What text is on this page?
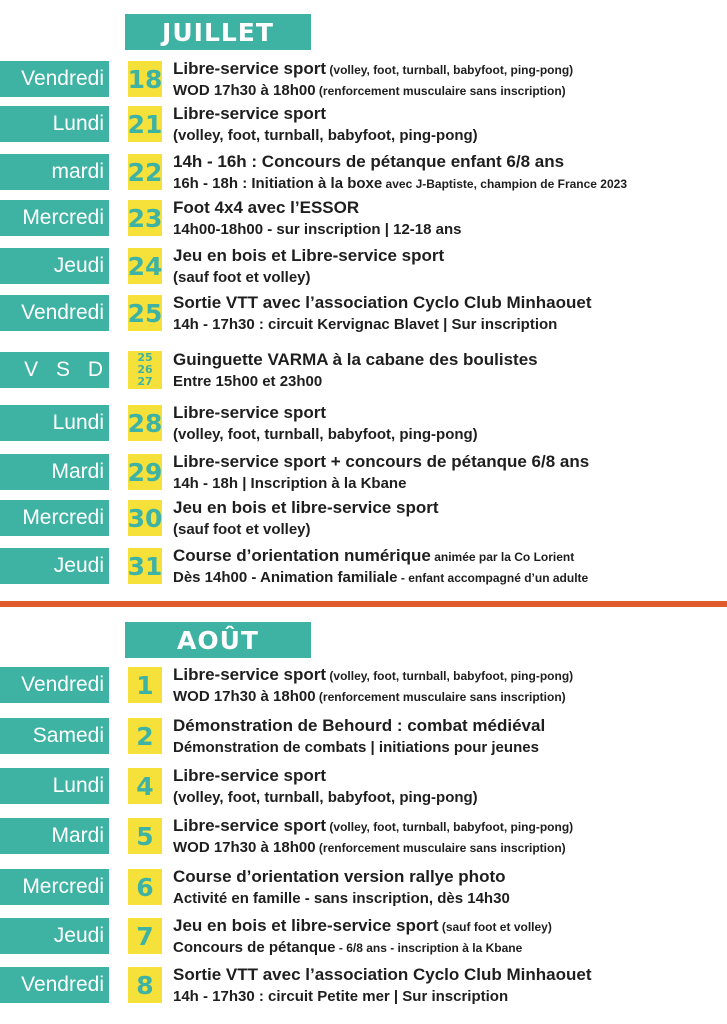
JUILLET
AOÛT
Vendredi 18 Libre-service sport (volley, foot, turnball, babyfoot, ping-pong)
WOD 17h30 à 18h00 (renforcement musculaire sans inscription)
Lundi 21 Libre-service sport
(volley, foot, turnball, babyfoot, ping-pong)
mardi 22 14h - 16h : Concours de pétanque enfant 6/8 ans
16h - 18h : Initiation à la boxe avec J-Baptiste, champion de France 2023
Mercredi 23 Foot 4x4 avec l’ESSOR
14h00-18h00 - sur inscription | 12-18 ans
Jeudi 24 Jeu en bois et Libre-service sport
(sauf foot et volley)
Vendredi 25 Sortie VTT avec l’association Cyclo Club Minhaouet
14h - 17h30 : circuit Kervignac Blavet | Sur inscription
V S D
25
26
27
Guinguette VARMA à la cabane des boulistes
Entre 15h00 et 23h00
Lundi 28 Libre-service sport
(volley, foot, turnball, babyfoot, ping-pong)
Mardi 29 Libre-service sport + concours de pétanque 6/8 ans
14h - 18h | Inscription à la Kbane
Mercredi 30 Jeu en bois et libre-service sport
(sauf foot et volley)
Jeudi 31 Course d’orientation numérique animée par la Co Lorient
Dès 14h00 - Animation familiale - enfant accompagné d’un adulte
Vendredi	1	Libre-service sport (volley, foot, turnball, babyfoot, ping-pong)
WOD 17h30 à 18h00 (renforcement musculaire sans inscription)
Samedi	2	Démonstration de Behourd : combat médiéval
Démonstration de combats | initiations pour jeunes
Lundi	4	Libre-service sport
(volley, foot, turnball, babyfoot, ping-pong)
Mardi	5	Libre-service sport (volley, foot, turnball, babyfoot, ping-pong)
WOD 17h30 à 18h00 (renforcement musculaire sans inscription)
Mercredi	6	Course d’orientation version rallye photo
Activité en famille - sans inscription, dès 14h30
Jeudi	7	Jeu en bois et libre-service sport (sauf foot et volley)
Concours de pétanque - 6/8 ans - inscription à la Kbane
Vendredi	8	Sortie VTT avec l’association Cyclo Club Minhaouet
14h - 17h30 : circuit Petite mer | Sur inscription
